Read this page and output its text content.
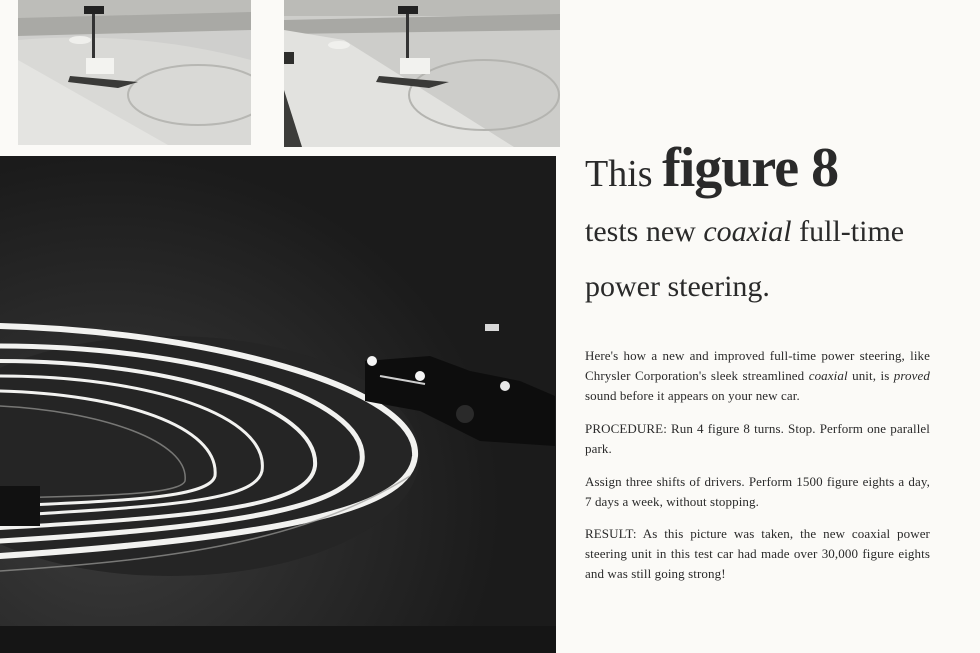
This figure 8
tests new coaxial full-time
power steering.

Here's how a new and improved full-time power steering, like Chrysler Corporation's sleek streamlined coaxial unit, is proved sound before it appears on your new car.

PROCEDURE: Run 4 figure 8 turns. Stop. Perform one parallel park.

Assign three shifts of drivers. Perform 1500 figure eights a day, 7 days a week, without stopping.

RESULT: As this picture was taken, the new coaxial power steering unit in this test car had made over 30,000 figure eights and was still going strong!
